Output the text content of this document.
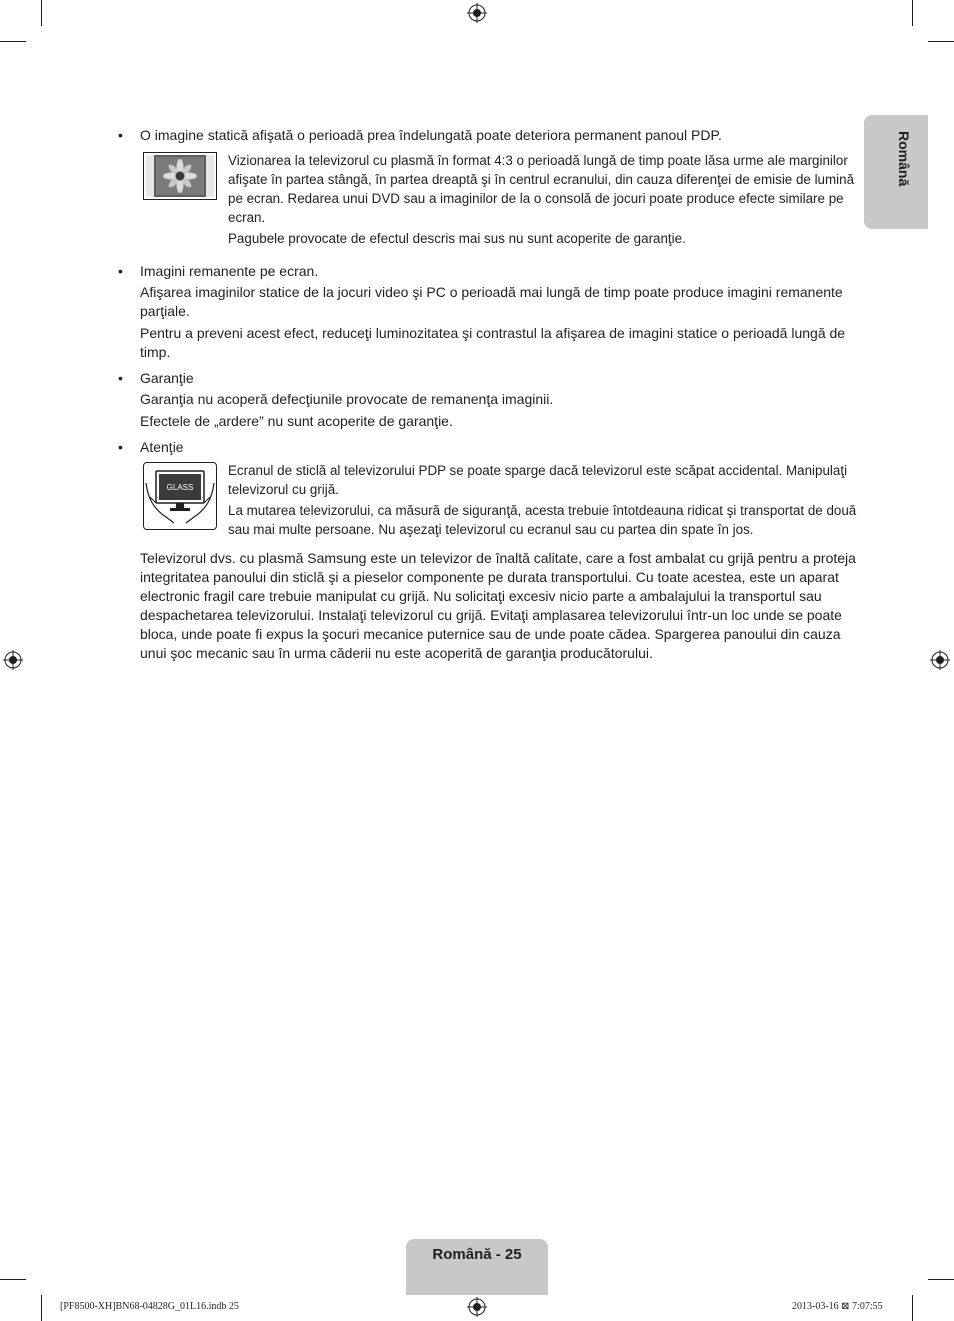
Română
•	O imagine statică afişată o perioadă prea îndelungată poate deteriora permanent panoul PDP.
Vizionarea la televizorul cu plasmă în format 4:3 o perioadă lungă de timp poate lăsa urme ale marginilor
afişate în partea stângă, în partea dreaptă şi în centrul ecranului, din cauza diferenţei de emisie de lumină
pe ecran. Redarea unui DVD sau a imaginilor de la o consolă de jocuri poate produce efecte similare pe
ecran.
Pagubele provocate de efectul descris mai sus nu sunt acoperite de garanţie.
•	Imagini remanente pe ecran.
Afişarea imaginilor statice de la jocuri video şi PC o perioadă mai lungă de timp poate produce imagini remanente
parţiale.
Pentru a preveni acest efect, reduceţi luminozitatea şi contrastul la afişarea de imagini statice o perioadă lungă de
timp.
•	Garanţie
Garanţia nu acoperă defecţiunile provocate de remanenţa imaginii.
Efectele de „ardere” nu sunt acoperite de garanţie.
•	Atenţie
GLASS
Ecranul de sticlă al televizorului PDP se poate sparge dacă televizorul este scăpat accidental. Manipulaţi
televizorul cu grijă.
La mutarea televizorului, ca măsură de siguranţă, acesta trebuie întotdeauna ridicat şi transportat de două
sau mai multe persoane. Nu aşezaţi televizorul cu ecranul sau cu partea din spate în jos.
Televizorul dvs. cu plasmă Samsung este un televizor de înaltă calitate, care a fost ambalat cu grijă pentru a proteja
integritatea panoului din sticlă şi a pieselor componente pe durata transportului. Cu toate acestea, este un aparat
electronic fragil care trebuie manipulat cu grijă. Nu solicitaţi excesiv nicio parte a ambalajului la transportul sau
despachetarea televizorului. Instalaţi televizorul cu grijă. Evitaţi amplasarea televizorului într-un loc unde se poate
bloca, unde poate fi expus la şocuri mecanice puternice sau de unde poate cădea. Spargerea panoului din cauza
unui şoc mecanic sau în urma căderii nu este acoperită de garanţia producătorului.
Română - 25
[PF8500-XH]BN68-04828G_01L16.indb 25	2013-03-16 ⊠ 7:07:55
